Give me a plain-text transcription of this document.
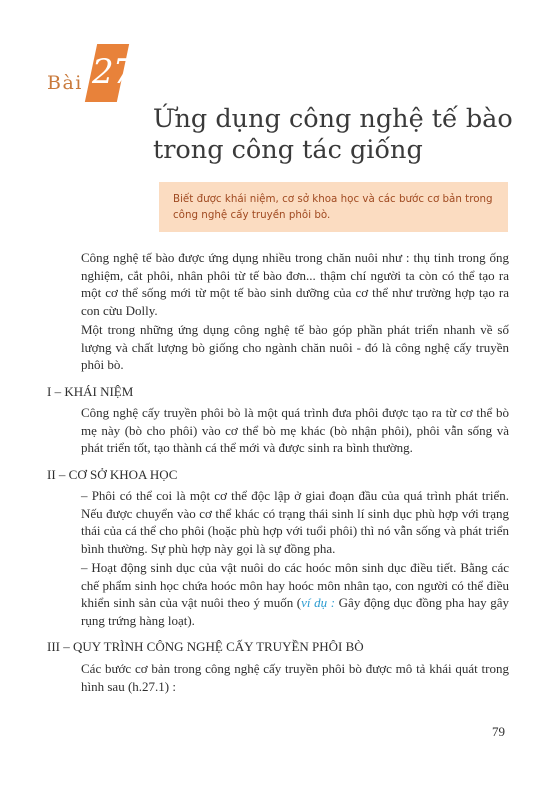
Bài 27
Ứng dụng công nghệ tế bào
trong công tác giống
Biết được khái niệm, cơ sở khoa học và các bước cơ bản trong công nghệ cấy truyền phôi bò.
Công nghệ tế bào được ứng dụng nhiều trong chăn nuôi như : thụ tinh trong ống nghiệm, cắt phôi, nhân phôi từ tế bào đơn... thậm chí người ta còn có thể tạo ra một cơ thể sống mới từ một tế bào sinh dưỡng của cơ thể như trường hợp tạo ra con cừu Dolly.
Một trong những ứng dụng công nghệ tế bào góp phần phát triển nhanh về số lượng và chất lượng bò giống cho ngành chăn nuôi - đó là công nghệ cấy truyền phôi bò.
I – KHÁI NIỆM
Công nghệ cấy truyền phôi bò là một quá trình đưa phôi được tạo ra từ cơ thể bò mẹ này (bò cho phôi) vào cơ thể bò mẹ khác (bò nhận phôi), phôi vẫn sống và phát triển tốt, tạo thành cá thể mới và được sinh ra bình thường.
II – CƠ SỞ KHOA HỌC
– Phôi có thể coi là một cơ thể độc lập ở giai đoạn đầu của quá trình phát triển. Nếu được chuyển vào cơ thể khác có trạng thái sinh lí sinh dục phù hợp với trạng thái của cá thể cho phôi (hoặc phù hợp với tuổi phôi) thì nó vẫn sống và phát triển bình thường. Sự phù hợp này gọi là sự đồng pha.
– Hoạt động sinh dục của vật nuôi do các hoóc môn sinh dục điều tiết. Bằng các chế phẩm sinh học chứa hoóc môn hay hoóc môn nhân tạo, con người có thể điều khiển sinh sản của vật nuôi theo ý muốn (ví dụ : Gây động dục đồng pha hay gây rụng trứng hàng loạt).
III – QUY TRÌNH CÔNG NGHỆ CẤY TRUYỀN PHÔI BÒ
Các bước cơ bản trong công nghệ cấy truyền phôi bò được mô tả khái quát trong hình sau (h.27.1) :
79
